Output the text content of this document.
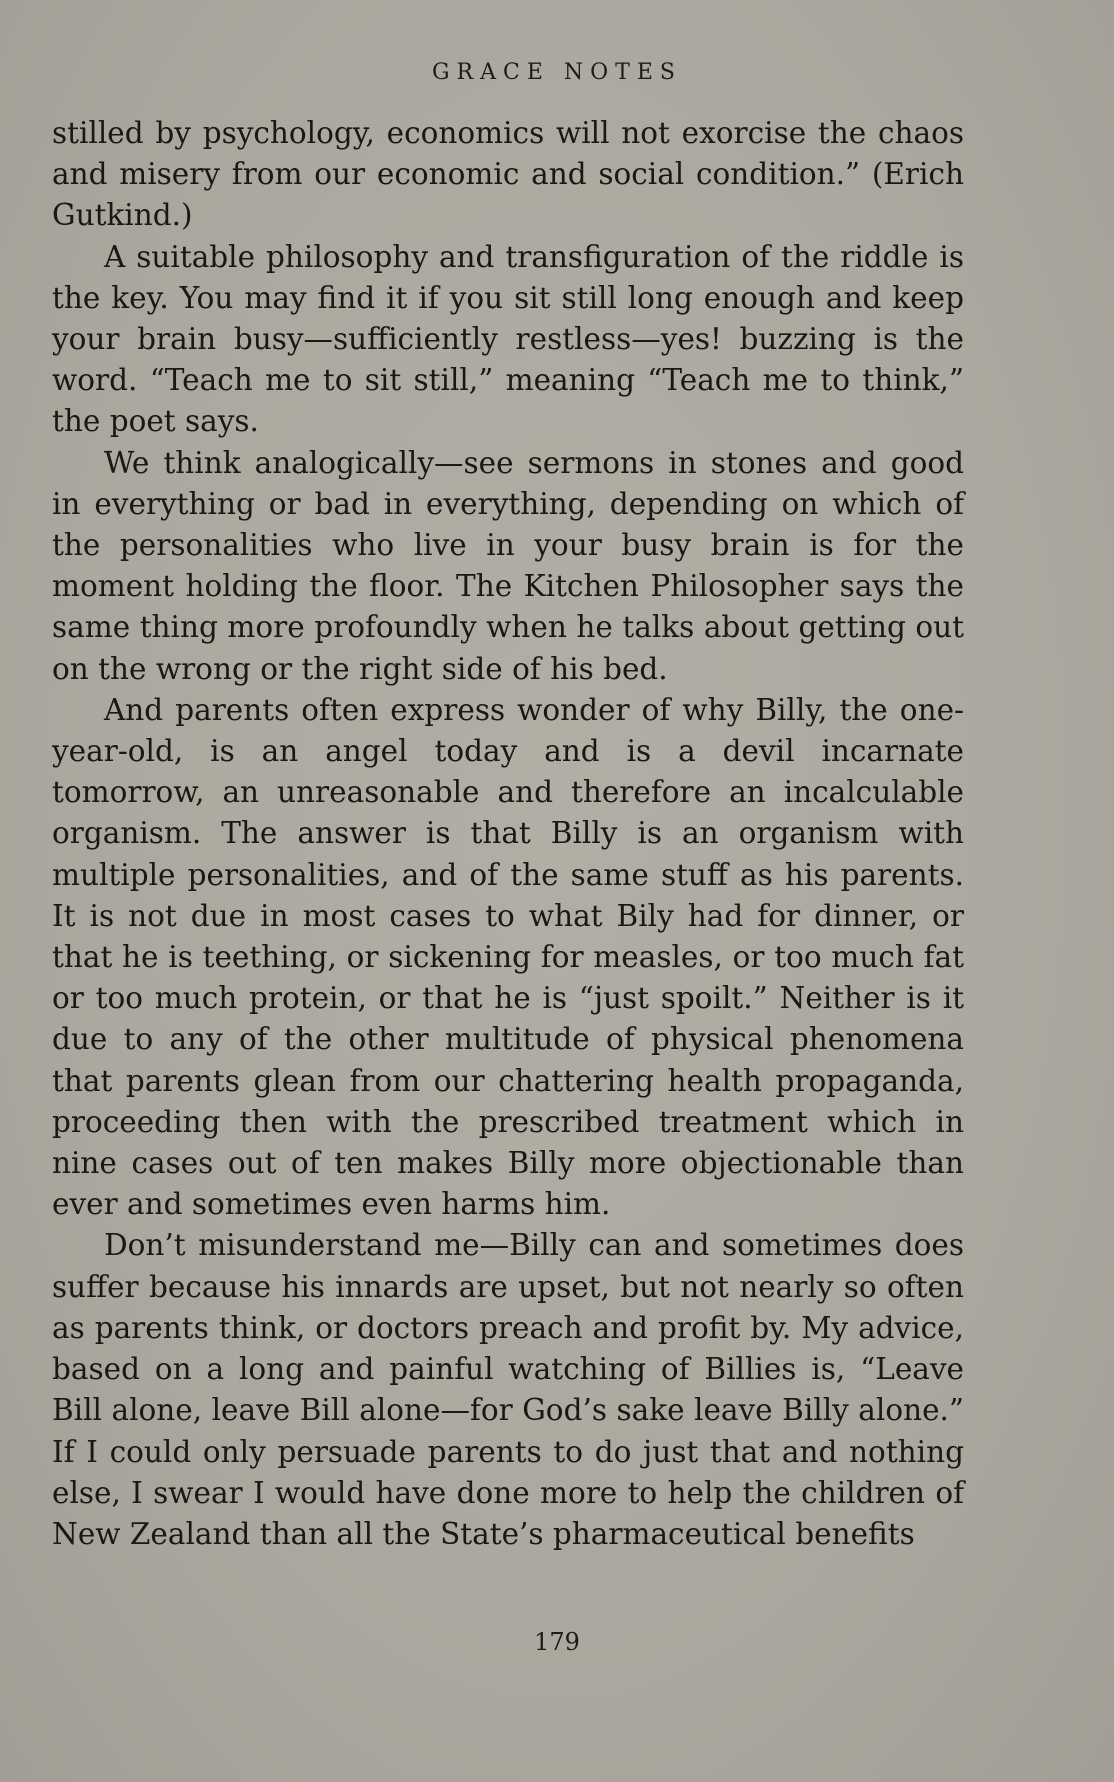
GRACE NOTES

stilled by psychology, economics will not exorcise the chaos and misery from our economic and social condition.” (Erich Gutkind.)

A suitable philosophy and transfiguration of the riddle is the key. You may find it if you sit still long enough and keep your brain busy—sufficiently restless—yes! buzzing is the word. “Teach me to sit still,” meaning “Teach me to think,” the poet says.

We think analogically—see sermons in stones and good in everything or bad in everything, depending on which of the personalities who live in your busy brain is for the moment holding the floor. The Kitchen Philosopher says the same thing more profoundly when he talks about getting out on the wrong or the right side of his bed.

And parents often express wonder of why Billy, the one-year-old, is an angel today and is a devil incarnate tomorrow, an unreasonable and therefore an incalculable organism. The answer is that Billy is an organism with multiple personalities, and of the same stuff as his parents. It is not due in most cases to what Bily had for dinner, or that he is teething, or sickening for measles, or too much fat or too much protein, or that he is “just spoilt.” Neither is it due to any of the other multitude of physical phenomena that parents glean from our chattering health propaganda, proceeding then with the prescribed treatment which in nine cases out of ten makes Billy more objectionable than ever and sometimes even harms him.

Don’t misunderstand me—Billy can and sometimes does suffer because his innards are upset, but not nearly so often as parents think, or doctors preach and profit by. My advice, based on a long and painful watching of Billies is, “Leave Bill alone, leave Bill alone—for God’s sake leave Billy alone.” If I could only persuade parents to do just that and nothing else, I swear I would have done more to help the children of New Zealand than all the State’s pharmaceutical benefits

179
